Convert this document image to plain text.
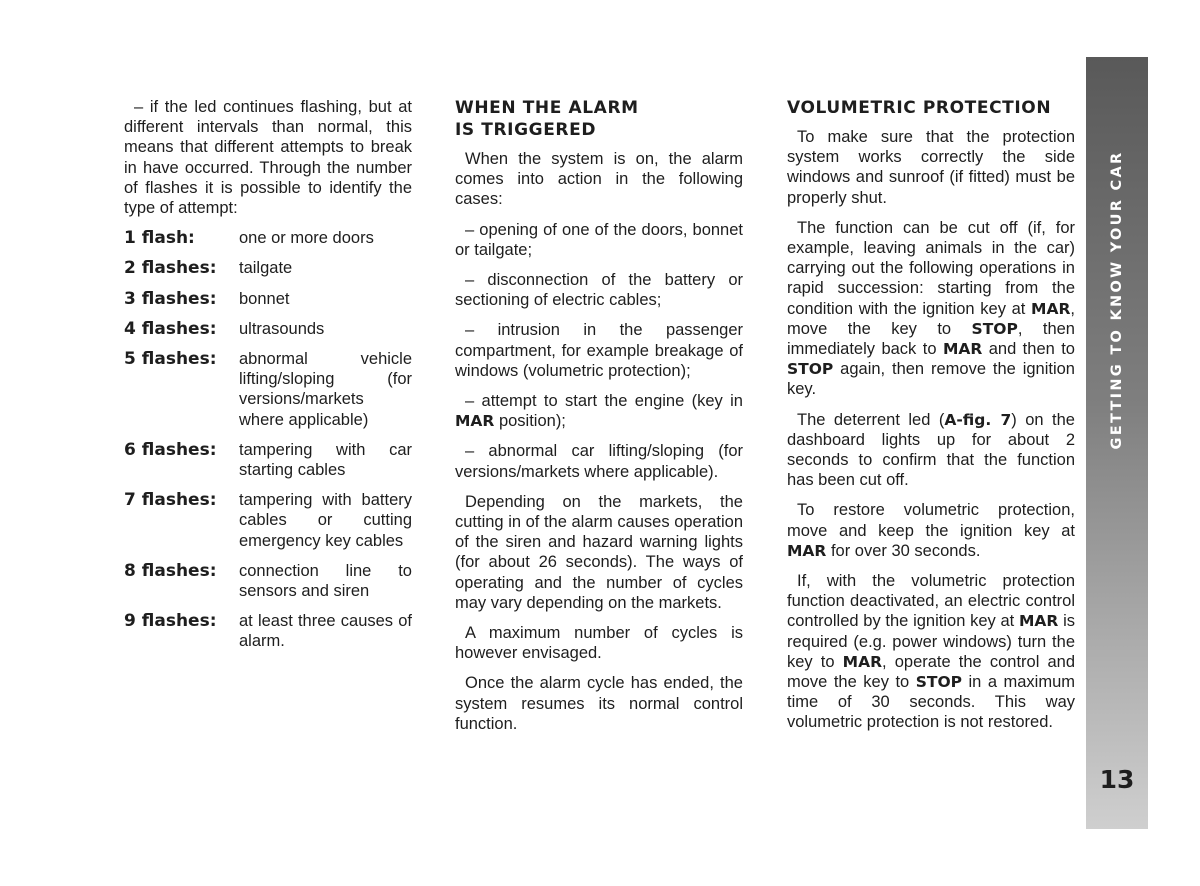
– if the led continues flashing, but at different intervals than normal, this means that different attempts to break in have occurred. Through the number of flashes it is possible to identify the type of attempt:

1 flash:	one or more doors
2 flashes:	tailgate
3 flashes:	bonnet
4 flashes:	ultrasounds
5 flashes:	abnormal vehicle lifting/sloping (for versions/markets where applicable)
6 flashes:	tampering with car starting cables
7 flashes:	tampering with battery cables or cutting emergency key cables
8 flashes:	connection line to sensors and siren
9 flashes:	at least three causes of alarm.
WHEN THE ALARM
IS TRIGGERED

When the system is on, the alarm comes into action in the following cases:

– opening of one of the doors, bonnet or tailgate;

– disconnection of the battery or sectioning of electric cables;

– intrusion in the passenger compartment, for example breakage of windows (volumetric protection);

– attempt to start the engine (key in MAR position);

– abnormal car lifting/sloping (for versions/markets where applicable).

Depending on the markets, the cutting in of the alarm causes operation of the siren and hazard warning lights (for about 26 seconds). The ways of operating and the number of cycles may vary depending on the markets.

A maximum number of cycles is however envisaged.

Once the alarm cycle has ended, the system resumes its normal control function.

VOLUMETRIC PROTECTION

To make sure that the protection system works correctly the side windows and sunroof (if fitted) must be properly shut.

The function can be cut off (if, for example, leaving animals in the car) carrying out the following operations in rapid succession: starting from the condition with the ignition key at MAR, move the key to STOP, then immediately back to MAR and then to STOP again, then remove the ignition key.

The deterrent led (A-fig. 7) on the dashboard lights up for about 2 seconds to confirm that the function has been cut off.

To restore volumetric protection, move and keep the ignition key at MAR for over 30 seconds.

If, with the volumetric protection function deactivated, an electric control controlled by the ignition key at MAR is required (e.g. power windows) turn the key to MAR, operate the control and move the key to STOP in a maximum time of 30 seconds. This way volumetric protection is not restored.

GETTING TO KNOW YOUR CAR
13
